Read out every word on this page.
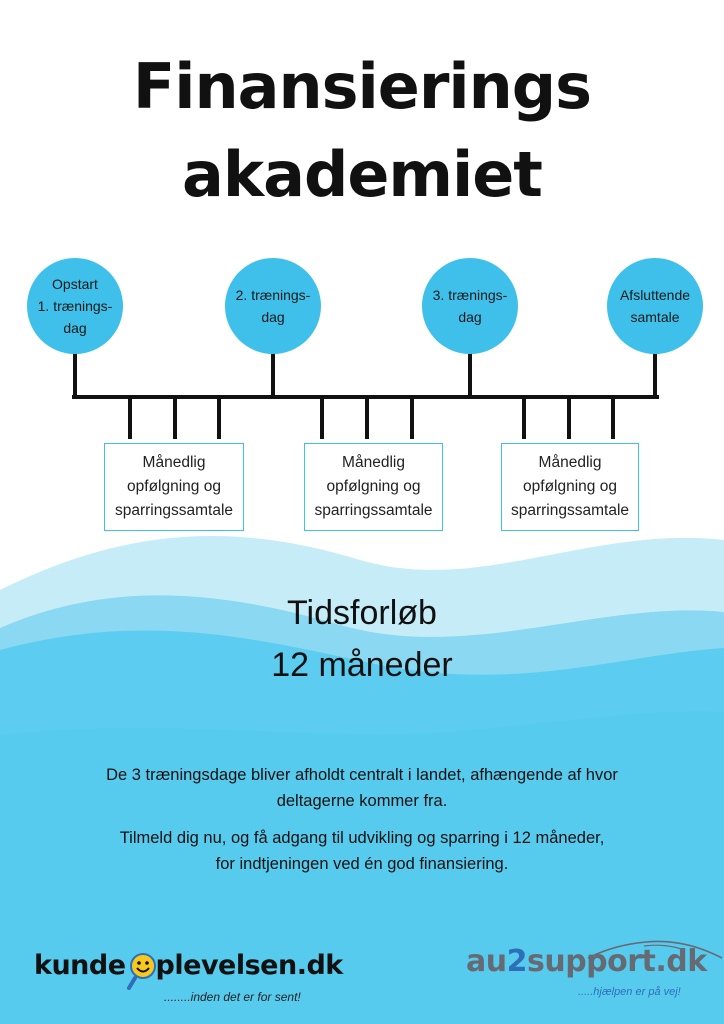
Finansierings
akademiet
Opstart
1. trænings-
dag
2. trænings-
dag
3. trænings-
dag
Afsluttende
samtale
Månedlig
opfølgning og
sparringssamtale
Månedlig
opfølgning og
sparringssamtale
Månedlig
opfølgning og
sparringssamtale
Tidsforløb
12 måneder
De 3 træningsdage bliver afholdt centralt i landet, afhængende af hvor
deltagerne kommer fra.
Tilmeld dig nu, og få adgang til udvikling og sparring i 12 måneder,
for indtjeningen ved én god finansiering.
kunde plevelsen.dk
........inden det er for sent!
au2support.dk
.....hjælpen er på vej!
